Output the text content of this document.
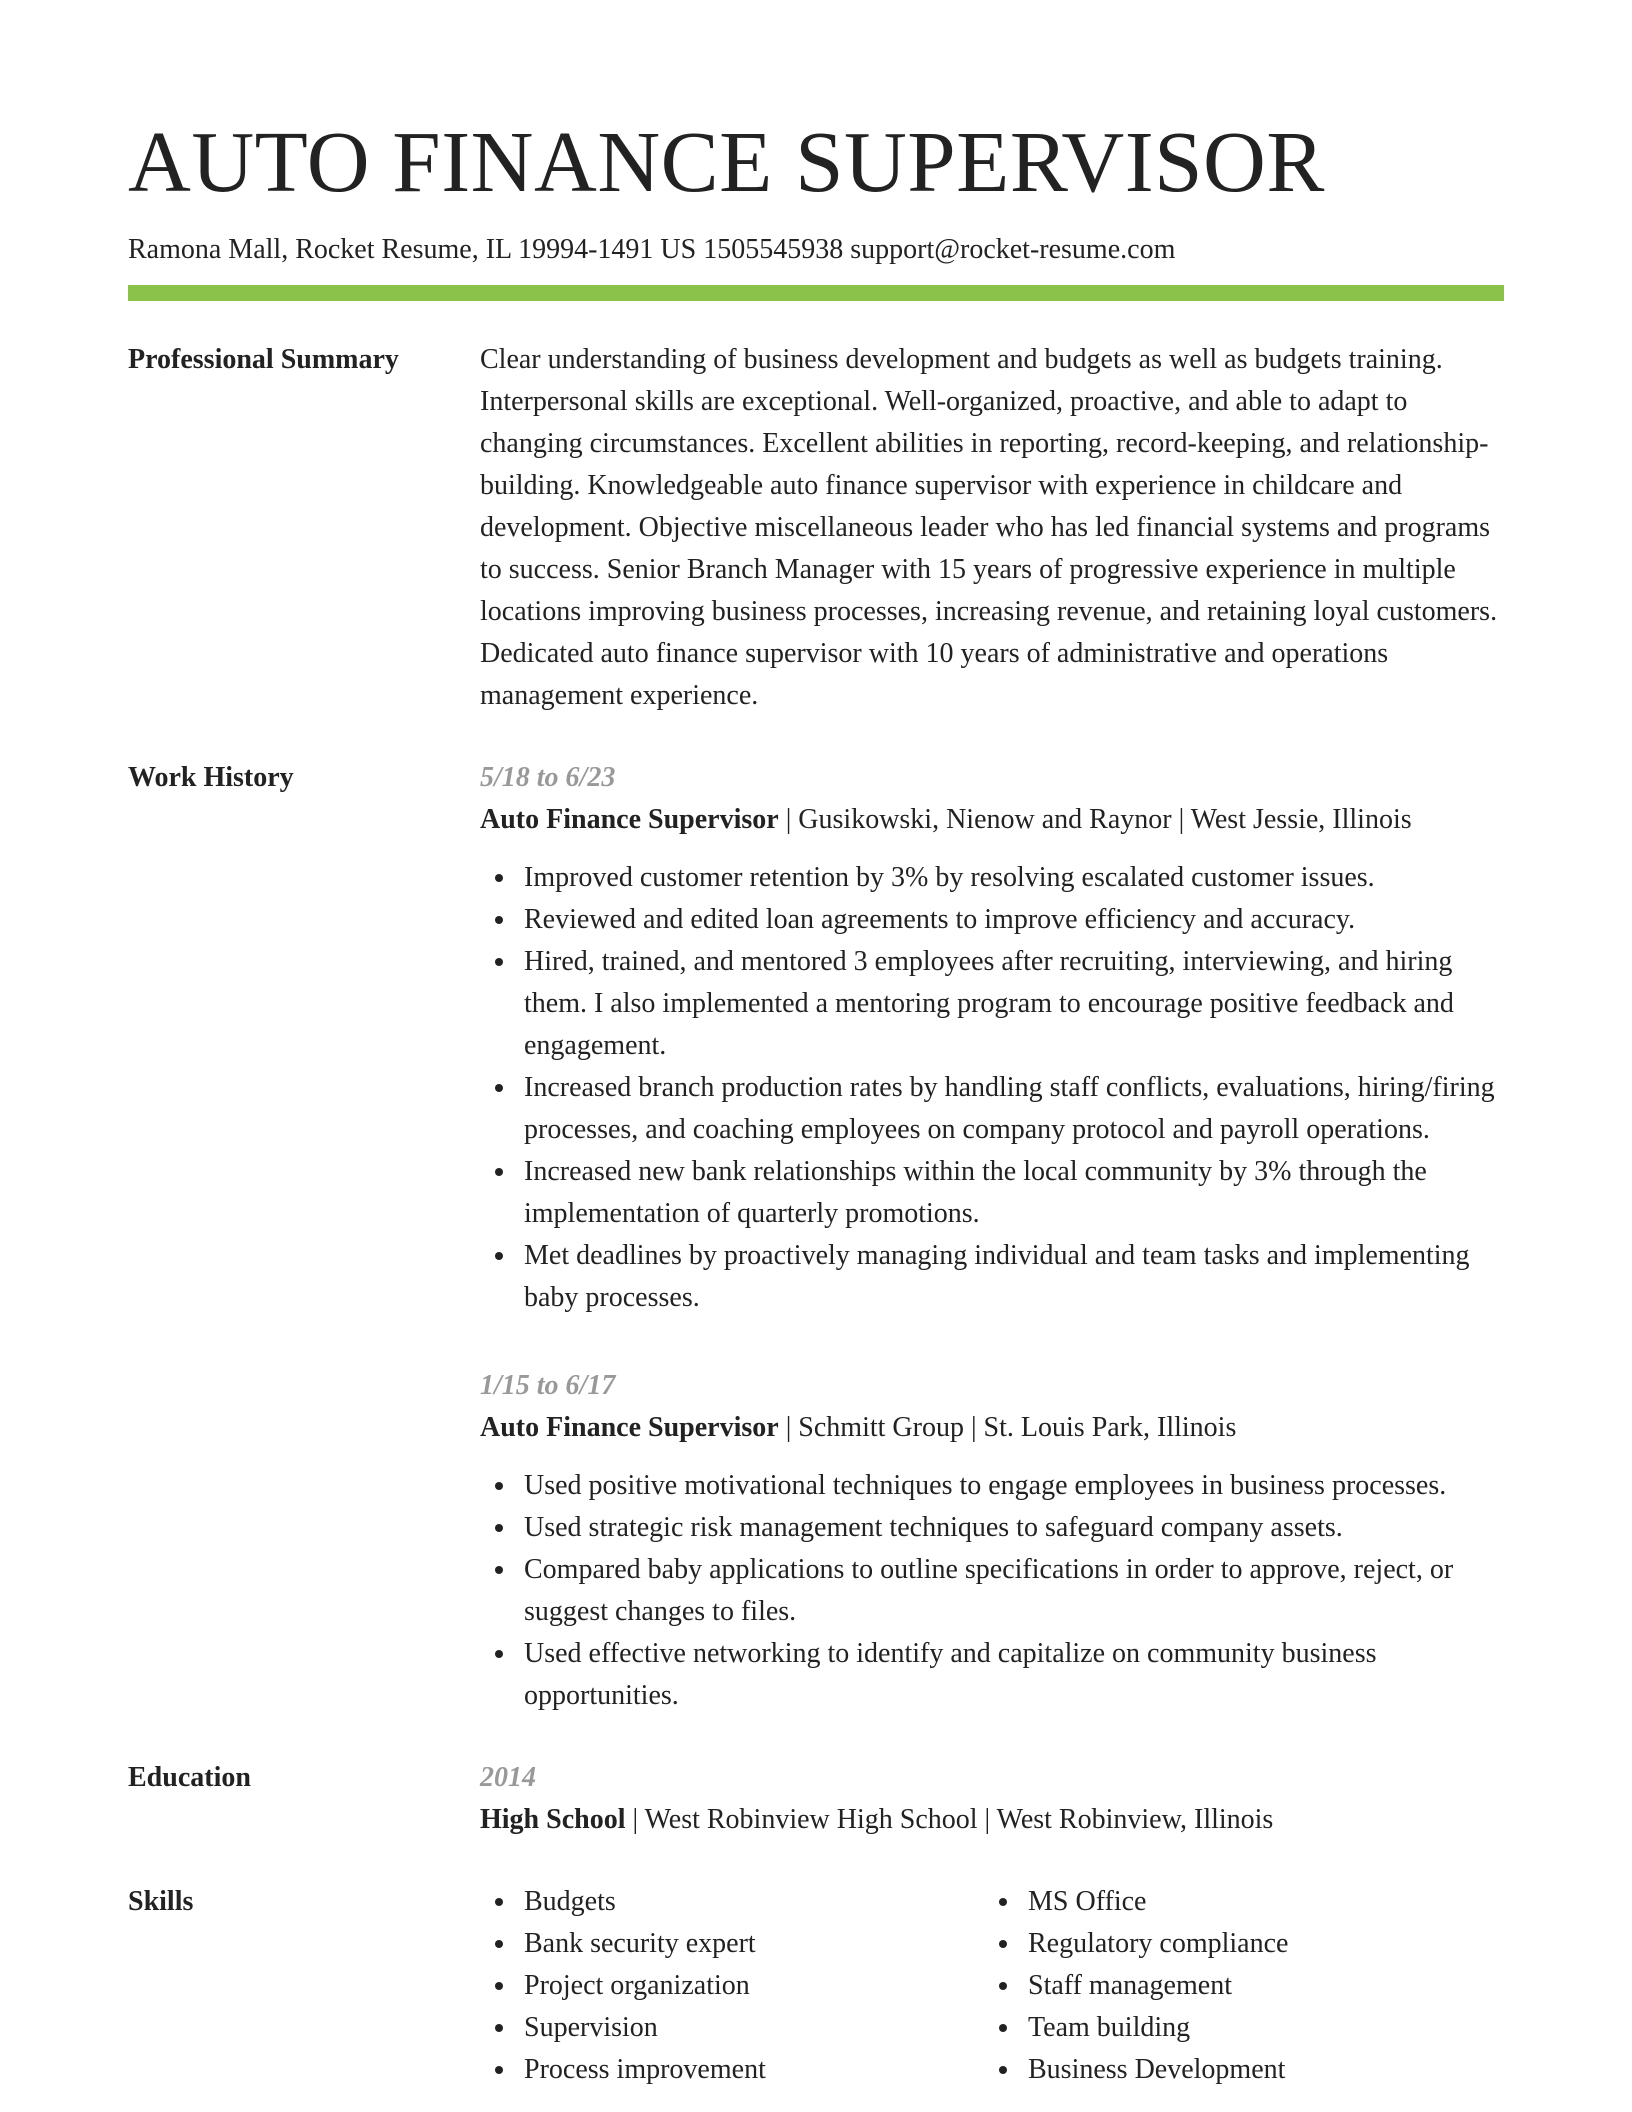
AUTO FINANCE SUPERVISOR
Ramona Mall, Rocket Resume, IL 19994-1491 US 1505545938 support@rocket-resume.com
Professional Summary	Clear understanding of business development and budgets as well as budgets training. Interpersonal skills are exceptional. Well-organized, proactive, and able to adapt to changing circumstances. Excellent abilities in reporting, record-keeping, and relationship-building. Knowledgeable auto finance supervisor with experience in childcare and development. Objective miscellaneous leader who has led financial systems and programs to success. Senior Branch Manager with 15 years of progressive experience in multiple locations improving business processes, increasing revenue, and retaining loyal customers. Dedicated auto finance supervisor with 10 years of administrative and operations management experience.

Work History	5/18 to 6/23
Auto Finance Supervisor | Gusikowski, Nienow and Raynor | West Jessie, Illinois
Improved customer retention by 3% by resolving escalated customer issues.
Reviewed and edited loan agreements to improve efficiency and accuracy.
Hired, trained, and mentored 3 employees after recruiting, interviewing, and hiring them. I also implemented a mentoring program to encourage positive feedback and engagement.
Increased branch production rates by handling staff conflicts, evaluations, hiring/firing processes, and coaching employees on company protocol and payroll operations.
Increased new bank relationships within the local community by 3% through the implementation of quarterly promotions.
Met deadlines by proactively managing individual and team tasks and implementing baby processes.
1/15 to 6/17
Auto Finance Supervisor | Schmitt Group | St. Louis Park, Illinois
Used positive motivational techniques to engage employees in business processes.
Used strategic risk management techniques to safeguard company assets.
Compared baby applications to outline specifications in order to approve, reject, or suggest changes to files.
Used effective networking to identify and capitalize on community business opportunities.
Education	2014
High School | West Robinview High School | West Robinview, Illinois
Skills	Budgets
Bank security expert
Project organization
Supervision
Process improvement
MS Office
Regulatory compliance
Staff management
Team building
Business Development
